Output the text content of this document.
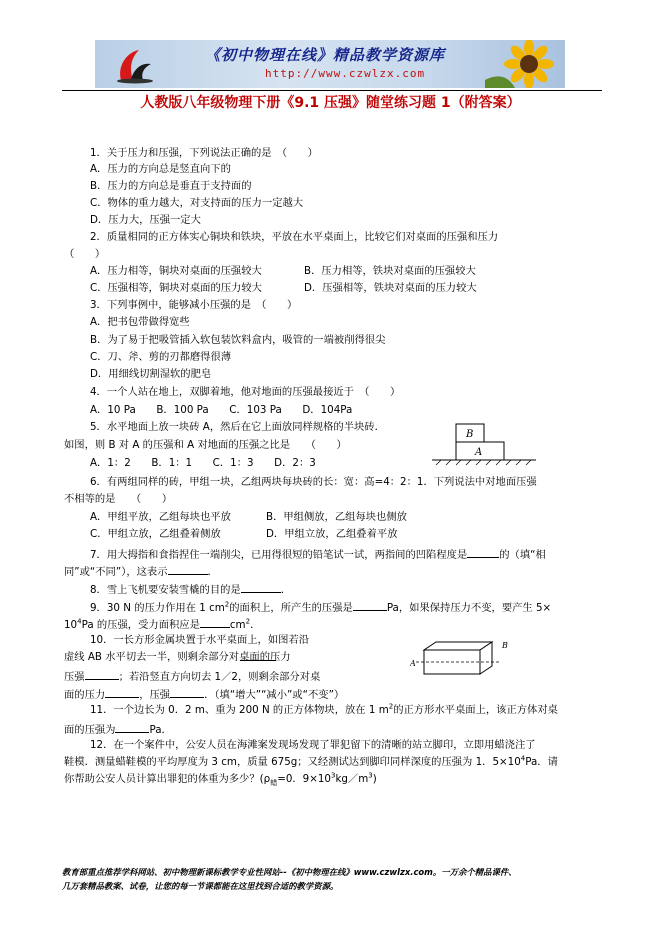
《初中物理在线》精品教学资源库
http://www.czwlzx.com
人教版八年级物理下册《9.1 压强》随堂练习题 1（附答案）
1．关于压力和压强，下列说法正确的是　（　　）
A．压力的方向总是竖直向下的
B．压力的方向总是垂直于支持面的
C．物体的重力越大，对支持面的压力一定越大
D．压力大，压强一定大
2．质量相同的正方体实心铜块和铁块，平放在水平桌面上，比较它们对桌面的压强和压力
（　　）
A．压力相等，铜块对桌面的压强较大	B．压力相等，铁块对桌面的压强较大
C．压强相等，铜块对桌面的压力较大	D．压强相等，铁块对桌面的压力较大
3．下列事例中，能够减小压强的是　（　　）
A．把书包带做得宽些
B．为了易于把吸管插入软包装饮料盒内，吸管的一端被削得很尖
C．刀、斧、剪的刃都磨得很薄
D．用细线切割湿软的肥皂
4．一个人站在地上，双脚着地，他对地面的压强最接近于　（　　）
A．10 Pa　　B．100 Pa　　C．103 Pa　　D．104Pa
5．水平地面上放一块砖 A，然后在它上面放同样规格的半块砖．
如图，则 B 对 A 的压强和 A 对地面的压强之比是　　（　　）
A．1：2　　B．1：1　　C．1：3　　D．2：3
B
A
6．有两组同样的砖，甲组一块，乙组两块每块砖的长：宽：高=4：2：1．下列说法中对地面压强
不相等的是　　（　　）
A．甲组平放，乙组每块也平放	B．甲组侧放，乙组每块也侧放
C．甲组立放，乙组叠着侧放	D．甲组立放，乙组叠着平放
7．用大拇指和食指捏住一端削尖，已用得很短的铅笔试一试，两指间的凹陷程度是	的（填“相
同”或“不同”），这表示	．
8．雪上飞机要安装雪橇的目的是	．
9．30 N 的压力作用在 1 $cm^2$的面积上，所产生的压强是	Pa，如果保持压力不变，要产生 5×
$10^4Pa$ 的压强，受力面积应是	$cm^2$．
10．一长方形金属块置于水平桌面上，如图若沿
虚线 AB 水平切去一半，则剩余部分对桌面的压力
压强	；若沿竖直方向切去 1／2，则剩余部分对桌
面的压力	，压强	．（填“增大”“减小”或“不变”）
A
B
11．一个边长为 0．2 m、重为 200 N 的正方体物块，放在 1 $m^2$的正方形水平桌面上，该正方体对桌
面的压强为	Pa．
12．在一个案件中，公安人员在海滩案发现场发现了罪犯留下的清晰的站立脚印，立即用蜡浇注了
鞋模．测量蜡鞋模的平均厚度为 3 cm，质量 675g；又经测试达到脚印同样深度的压强为 1．$5\times 10^4Pa$．请
你帮助公安人员计算出罪犯的体重为多少？($\rho_蜡=0$．$9\times 10^3kg/m^3$)
教育部重点推荐学科网站、初中物理新课标教学专业性网站--《初中物理在线》www.czwlzx.com。一万余个精品课件、
几万套精品教案、试卷，让您的每一节课都能在这里找到合适的教学资源。
